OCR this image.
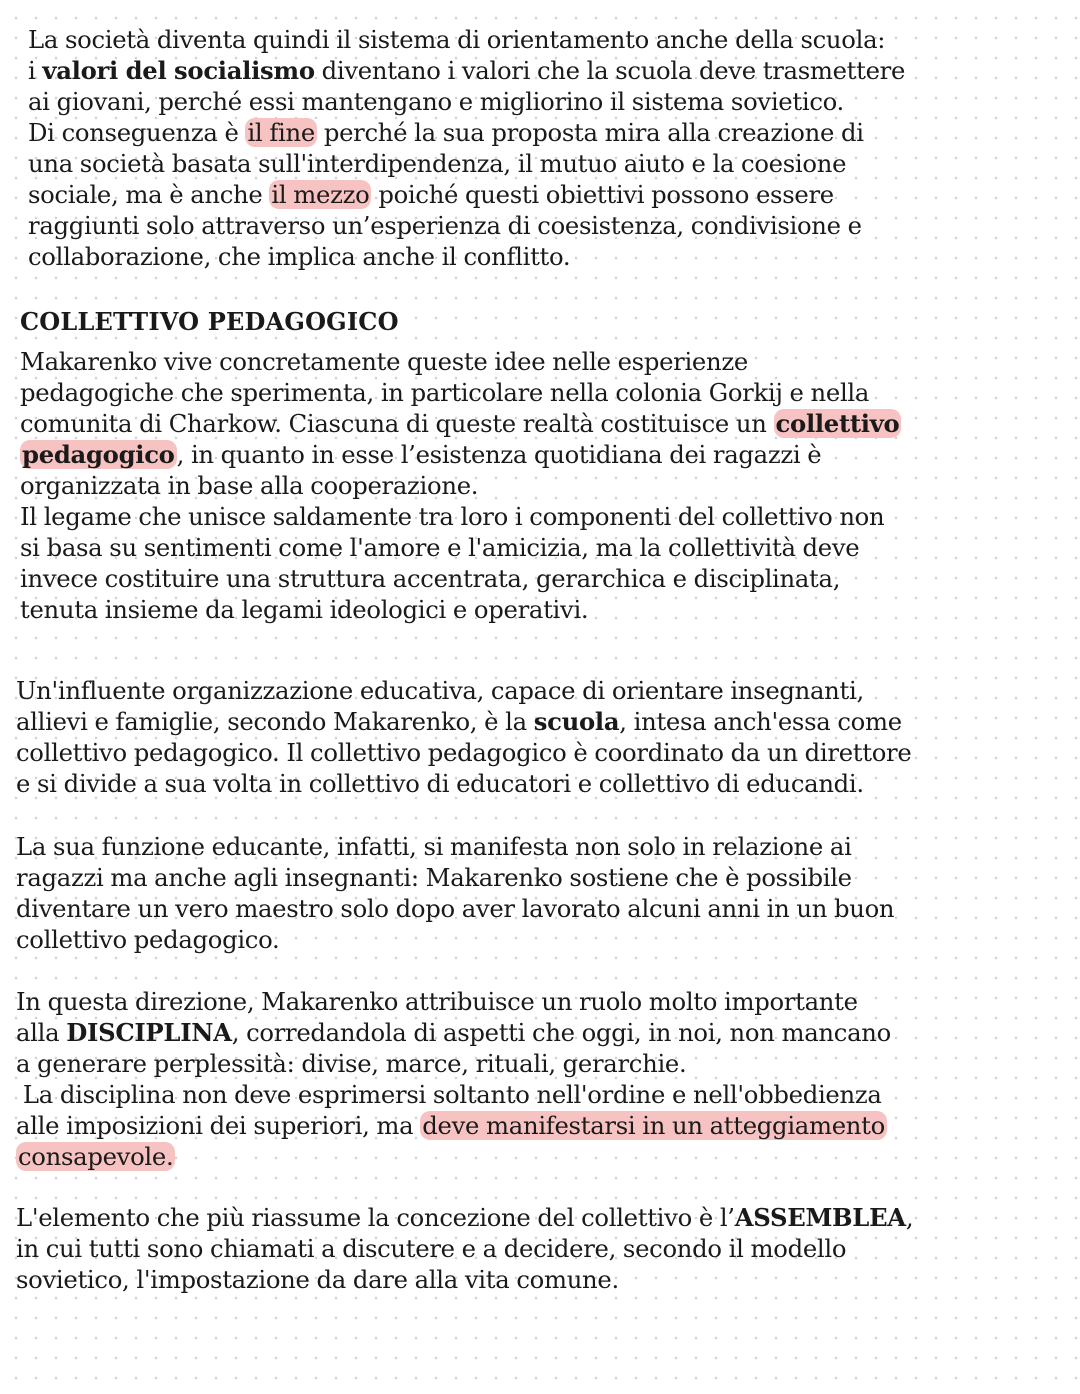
La società diventa quindi il sistema di orientamento anche della scuola:
i valori del socialismo diventano i valori che la scuola deve trasmettere
ai giovani, perché essi mantengano e migliorino il sistema sovietico.
Di conseguenza è il fine perché la sua proposta mira alla creazione di
una società basata sull'interdipendenza, il mutuo aiuto e la coesione
sociale, ma è anche il mezzo poiché questi obiettivi possono essere
raggiunti solo attraverso un’esperienza di coesistenza, condivisione e
collaborazione, che implica anche il conflitto.
COLLETTIVO PEDAGOGICO
Makarenko vive concretamente queste idee nelle esperienze
pedagogiche che sperimenta, in particolare nella colonia Gorkij e nella
comunita di Charkow. Ciascuna di queste realtà costituisce un collettivo
pedagogico, in quanto in esse l’esistenza quotidiana dei ragazzi è
organizzata in base alla cooperazione.
Il legame che unisce saldamente tra loro i componenti del collettivo non
si basa su sentimenti come l'amore e l'amicizia, ma la collettività deve
invece costituire una struttura accentrata, gerarchica e disciplinata,
tenuta insieme da legami ideologici e operativi.
Un'influente organizzazione educativa, capace di orientare insegnanti,
allievi e famiglie, secondo Makarenko, è la scuola, intesa anch'essa come
collettivo pedagogico. Il collettivo pedagogico è coordinato da un direttore
e si divide a sua volta in collettivo di educatori e collettivo di educandi.
La sua funzione educante, infatti, si manifesta non solo in relazione ai
ragazzi ma anche agli insegnanti: Makarenko sostiene che è possibile
diventare un vero maestro solo dopo aver lavorato alcuni anni in un buon
collettivo pedagogico.
In questa direzione, Makarenko attribuisce un ruolo molto importante
alla DISCIPLINA, corredandola di aspetti che oggi, in noi, non mancano
a generare perplessità: divise, marce, rituali, gerarchie.
La disciplina non deve esprimersi soltanto nell'ordine e nell'obbedienza
alle imposizioni dei superiori, ma deve manifestarsi in un atteggiamento
consapevole.
L'elemento che più riassume la concezione del collettivo è l’ASSEMBLEA,
in cui tutti sono chiamati a discutere e a decidere, secondo il modello
sovietico, l'impostazione da dare alla vita comune.
